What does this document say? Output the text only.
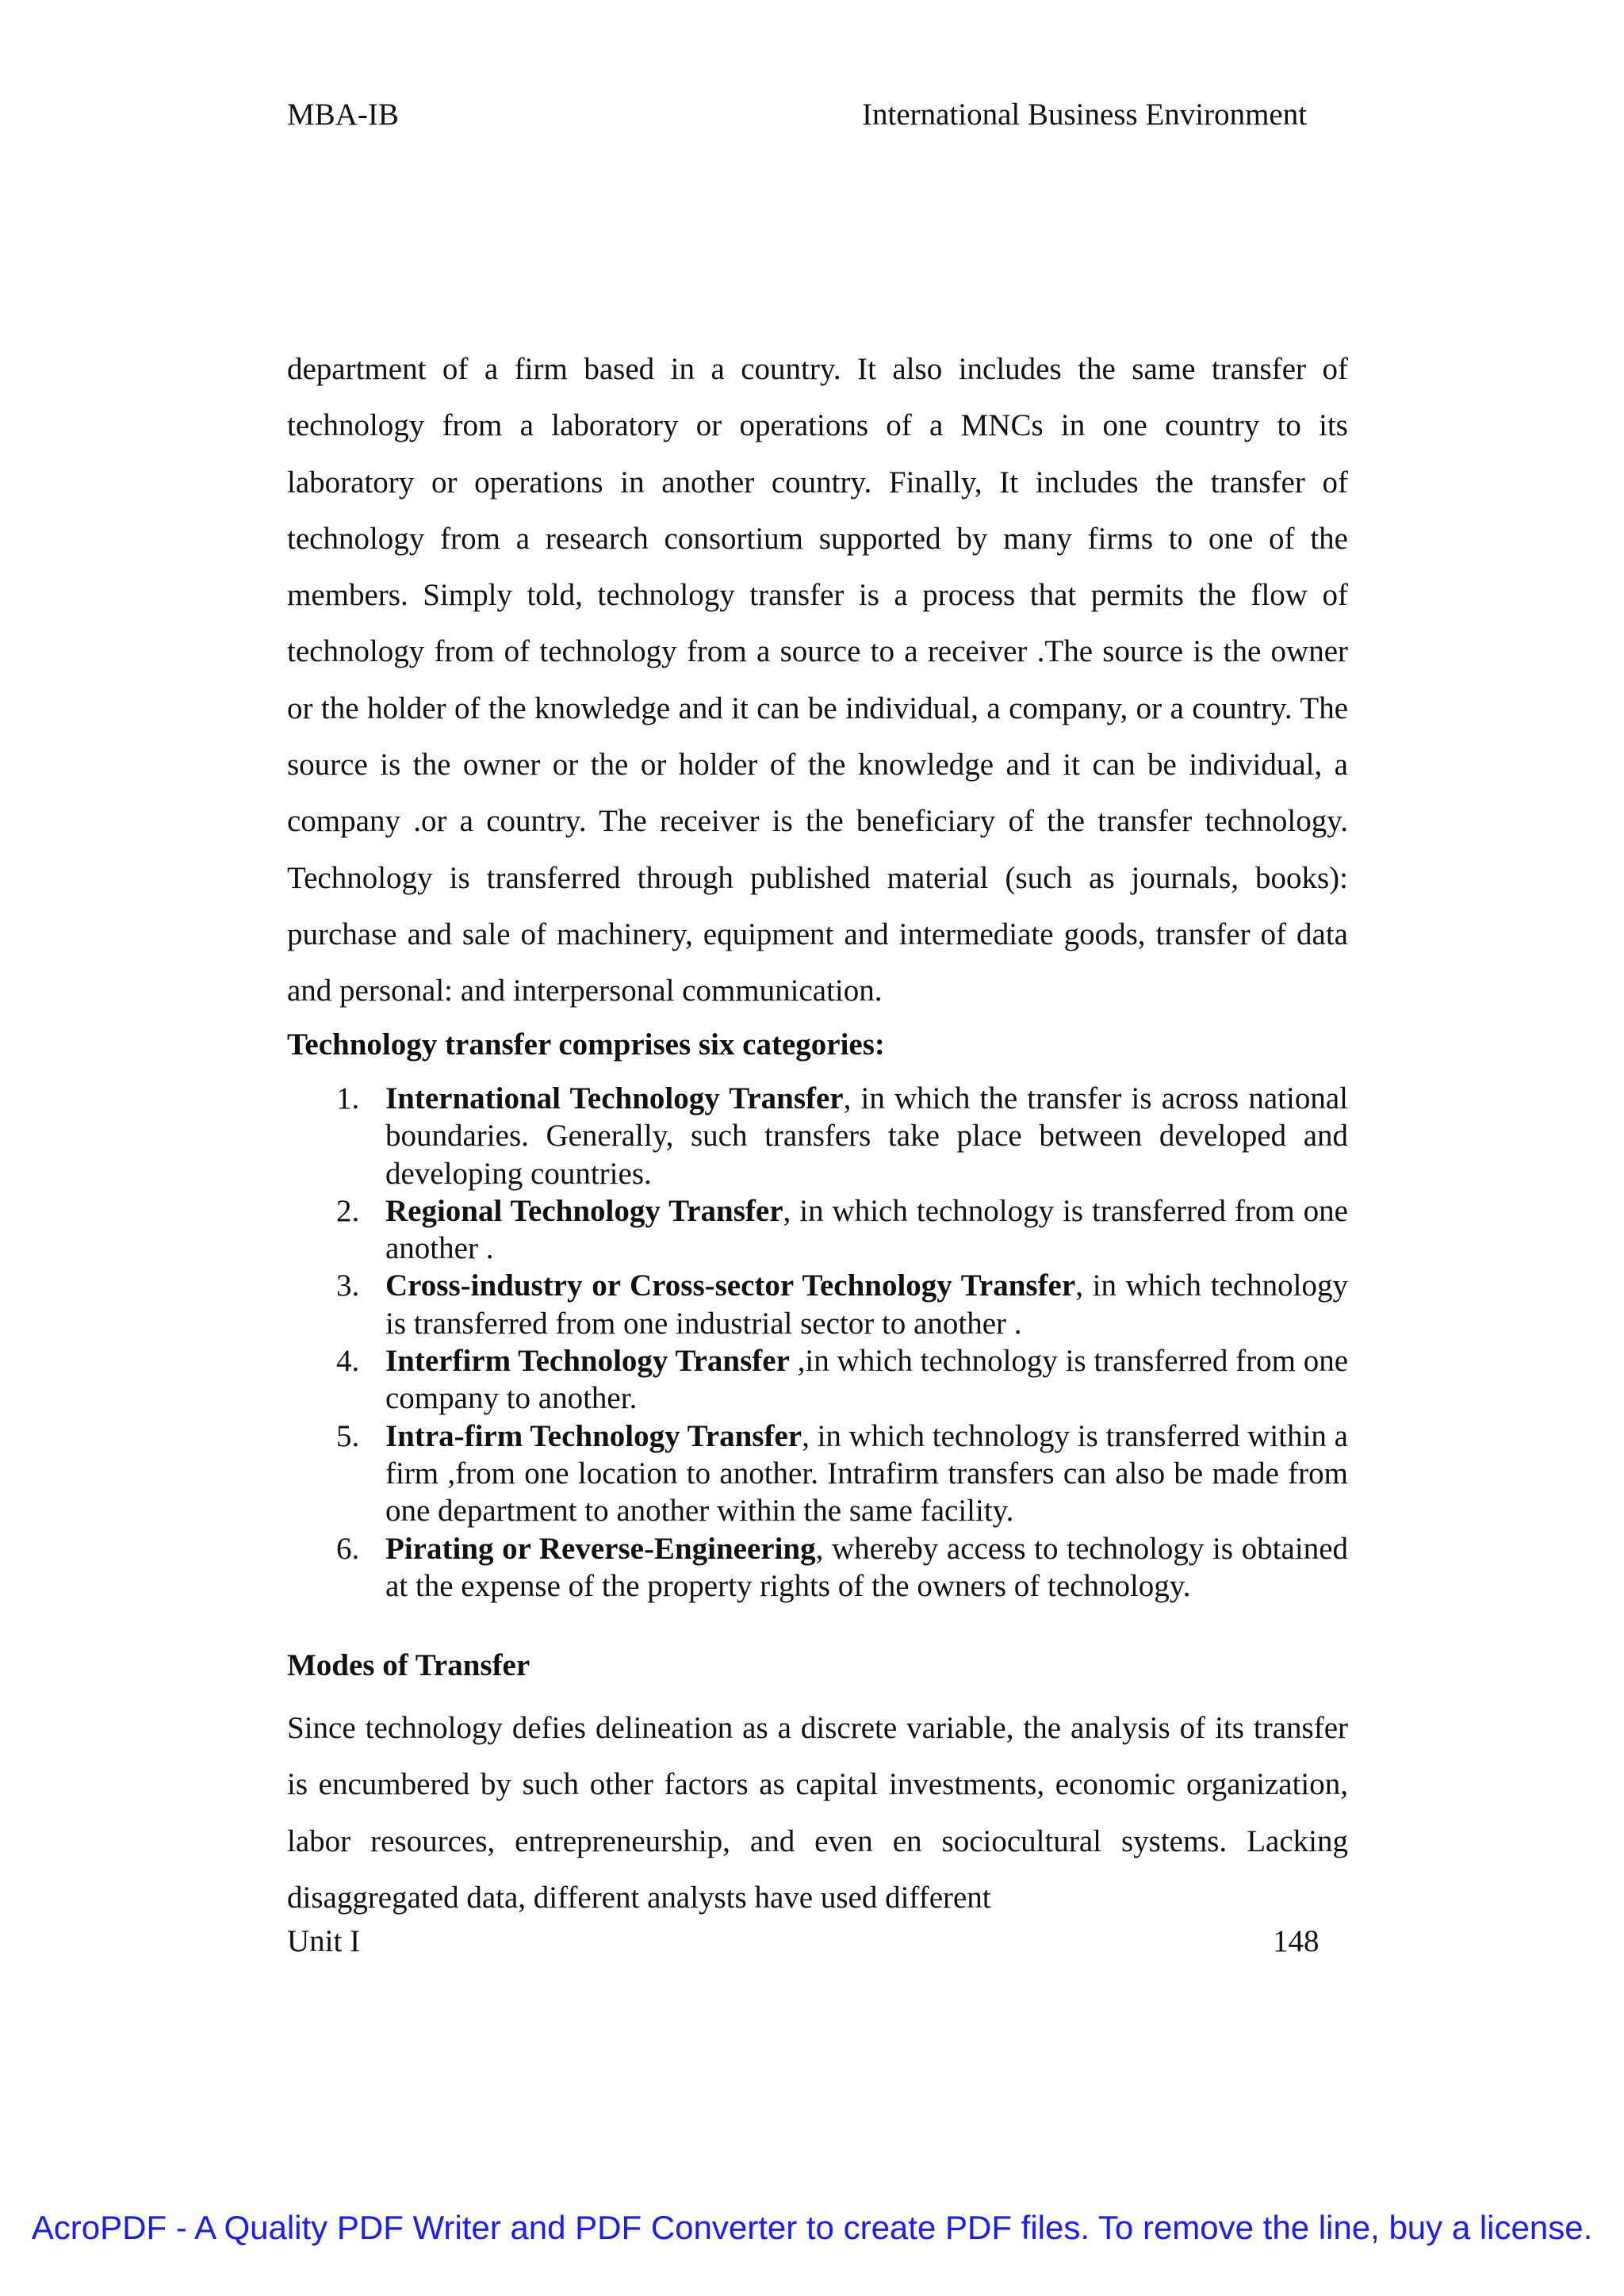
MBA-IB	International Business Environment

department of a firm based in a country. It also includes the same transfer of technology from a laboratory or operations of a MNCs in one country to its laboratory or operations in another country. Finally, It includes the transfer of technology from a research consortium supported by many firms to one of the members. Simply told, technology transfer is a process that permits the flow of technology from of technology from a source to a receiver .The source is the owner or the holder of the knowledge and it can be individual, a company, or a country. The source is the owner or the or holder of the knowledge and it can be individual, a company .or a country. The receiver is the beneficiary of the transfer technology. Technology is transferred through published material (such as journals, books): purchase and sale of machinery, equipment and intermediate goods, transfer of data and personal: and interpersonal communication.

Technology transfer comprises six categories:
1. International Technology Transfer, in which the transfer is across national boundaries. Generally, such transfers take place between developed and developing countries.
2. Regional Technology Transfer, in which technology is transferred from one another .
3. Cross-industry or Cross-sector Technology Transfer, in which technology is transferred from one industrial sector to another .
4. Interfirm Technology Transfer ,in which technology is transferred from one company to another.
5. Intra-firm Technology Transfer, in which technology is transferred within a firm ,from one location to another. Intrafirm transfers can also be made from one department to another within the same facility.
6. Pirating or Reverse-Engineering, whereby access to technology is obtained at the expense of the property rights of the owners of technology.
Modes of Transfer

Since technology defies delineation as a discrete variable, the analysis of its transfer is encumbered by such other factors as capital investments, economic organization, labor resources, entrepreneurship, and even en sociocultural systems. Lacking disaggregated data, different analysts have used different

Unit I	148
AcroPDF - A Quality PDF Writer and PDF Converter to create PDF files. To remove the line, buy a license.
